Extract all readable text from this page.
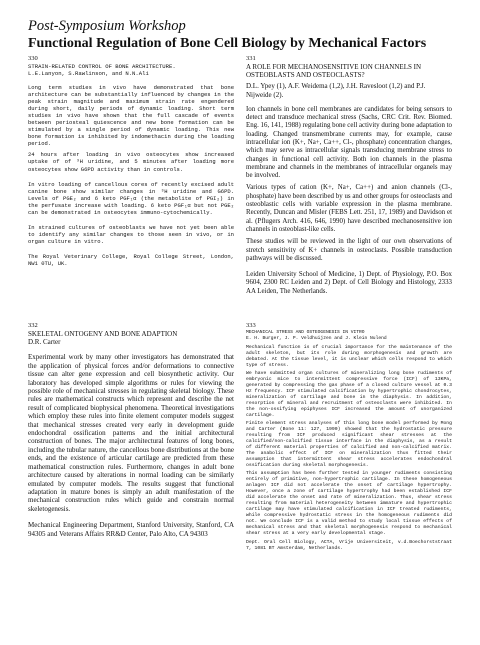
Post-Symposium Workshop
Functional Regulation of Bone Cell Biology by Mechanical Factors
330
STRAIN-RELATED CONTROL OF BONE ARCHITECTURE.
L.E.Lanyon, S.Rawlinson, and N.N.Ali

Long term studies in vivo have demonstrated that bone architecture can be substantially influenced by changes in the peak strain magnitude and maximum strain rate engendered during short, daily periods of dynamic loading. Short term studies in vivo have shown that the full cascade of events between periosteal quiescence and new bone formation can be stimulated by a single period of dynamic loading. This new bone formation is inhibited by indomethacin during the loading period.

24 hours after loading in vivo osteocytes show increased uptake of of ³H uridine, and 5 minutes after loading more osteocytes show G6PD activity than in controls.

In vitro loading of cancellous cores of recently excised adult canine bone show similar changes in ³H uridine and G6PD. Levels of PGE₂ and 6 keto PGF₁α (the metabolite of PGI₂) in the perfusate increase with loading. 6 keto PGF₁α but not PGE₂ can be demonstrated in osteocytes immuno-cytochemically.

In strained cultures of osteoblasts we have not yet been able to identify any similar changes to those seen in vivo, or in organ culture in vitro.

The Royal Veterinary College, Royal College Street, London, NW1 0TU, UK.

331
A ROLE FOR MECHANOSENSITIVE ION CHANNELS IN OSTEOBLASTS AND OSTEOCLASTS?
D.L. Ypey (1), A.F. Weidema (1,2), J.H. Ravesloot (1,2) and P.J. Nijweide (2).

Ion channels in bone cell membranes are candidates for being sensors to detect and transduce mechanical stress (Sachs, CRC Crit. Rev. Biomed. Eng. 16, 141, 1988) regulating bone cell activity during bone adaptation to loading. Changed transmembrane currents may, for example, cause intracellular ion (K+, Na+, Ca++, Cl-, phosphate) concentration changes, which may serve as intracellular signals transducing membrane stress to changes in functional cell activity. Both ion channels in the plasma membrane and channels in the membranes of intracellular organels may be involved.

Various types of cation (K+, Na+, Ca++) and anion channels (Cl-, phosphate) have been described by us and other groups for osteoclasts and osteoblastic cells with variable expression in the plasma membrane. Recently, Duncan and Misler (FEBS Lett. 251, 17, 1989) and Davidson et al. (Pflugers Arch. 416, 646, 1990) have described mechanosensitive ion channels in osteoblast-like cells.

These studies will be reviewed in the light of our own observations of stretch sensitivity of K+ channels in osteoclasts. Possible transduction pathways will be discussed.

Leiden University School of Medicine, 1) Dept. of Physiology, P.O. Box 9604, 2300 RC Leiden and 2) Dept. of Cell Biology and Histology, 2333 AA Leiden, The Netherlands.

332
SKELETAL ONTOGENY AND BONE ADAPTION
D.R. Carter

Experimental work by many other investigators has demonstrated that the application of physical forces and/or deformations to connective tissue can alter gene expression and cell biosynthetic activity. Our laboratory has developed simple algorithms or rules for viewing the possible role of mechanical stresses in regulating skeletal biology. These rules are mathematical constructs which represent and describe the net result of complicated biophysical phenomena. Theoretical investigations which employ these rules into finite element computer models suggest that mechanical stresses created very early in development guide endochondral ossification patterns and the initial architectural construction of bones. The major architectural features of long bones, including the tubular nature, the cancellous bone distributions at the bone ends, and the existence of articular cartilage are predicted from these mathematical construction rules. Furthermore, changes in adult bone architecture caused by alterations in normal loading can be similarly emulated by computer models. The results suggest that functional adaptation in mature bones is simply an adult manifestation of the mechanical construction rules which guide and constrain normal skeletogenesis.

Mechanical Engineering Department, Stanford University, Stanford, CA 94305 and Veterans Affairs RR&D Center, Palo Alto, CA 94303

333
MECHANICAL STRESS AND OSTEOGENESIS IN VITRO
E. H. Burger, J. P. Veldhuijzen and J. Klein Nulend

Mechanical function is of crucial importance for the maintenance of the adult skeleton, but its role during morphogenesis and growth are debated. At the tissue level, it is unclear which cells respond to which type of stress.

We have submitted organ cultures of mineralizing long bone rudiments of embryonic mice to intermittent compressive force (ICF) of 13KPa, generated by compressing the gas phase of a closed culture vessel at 0.3 Hz frequency. ICF stimulated calcification by hypertrophic chondrocytes, mineralization of cartilage and bone in the diaphysis. In addition, resorption of mineral and recruitment of osteoclasts were inhibited. In the non-ossifying epiphyses ICF increased the amount of unorganized cartilage.

Finite element stress analyses of this long bone model performed by Mong and Carter (Bone 11: 127, 1990) showed that the hydrostatic pressure resulting from ICF produced significant shear stresses at the calcified/non-calcified tissue interface in the diaphysis, as a result of different material properties of calcified and non-calcified matrix. The anabolic effect of ICF on mineralization thus fitted their assumption that intermittent shear stress accelerates endochondral ossification during skeletal morphogenesis.

This assumption has been further tested in younger rudiments consisting entirely of primitive, non-hypertrophic cartilage. In these homogeneous anlagen ICF did not accelerate the onset of cartilage hypertrophy. However, once a zone of cartilage hypertrophy had been established ICF did accelerate the onset and rate of mineralization. Thus, shear stress resulting from material heterogeneity between immature and hypertrophic cartilage may have stimulated calcification in ICF treated rudiments, while compressive hydrostatic stress in the homogeneous rudiments did not. We conclude ICF is a valid method to study local tissue effects of mechanical stress and that skeletal morphogenesis respond to mechanical shear stress at a very early developmental stage.

Dept. Oral Cell Biology, ACTA, Vrije Universiteit, v.d.Boechorststraat 7, 1081 BT Amsterdam, Netherlands.
